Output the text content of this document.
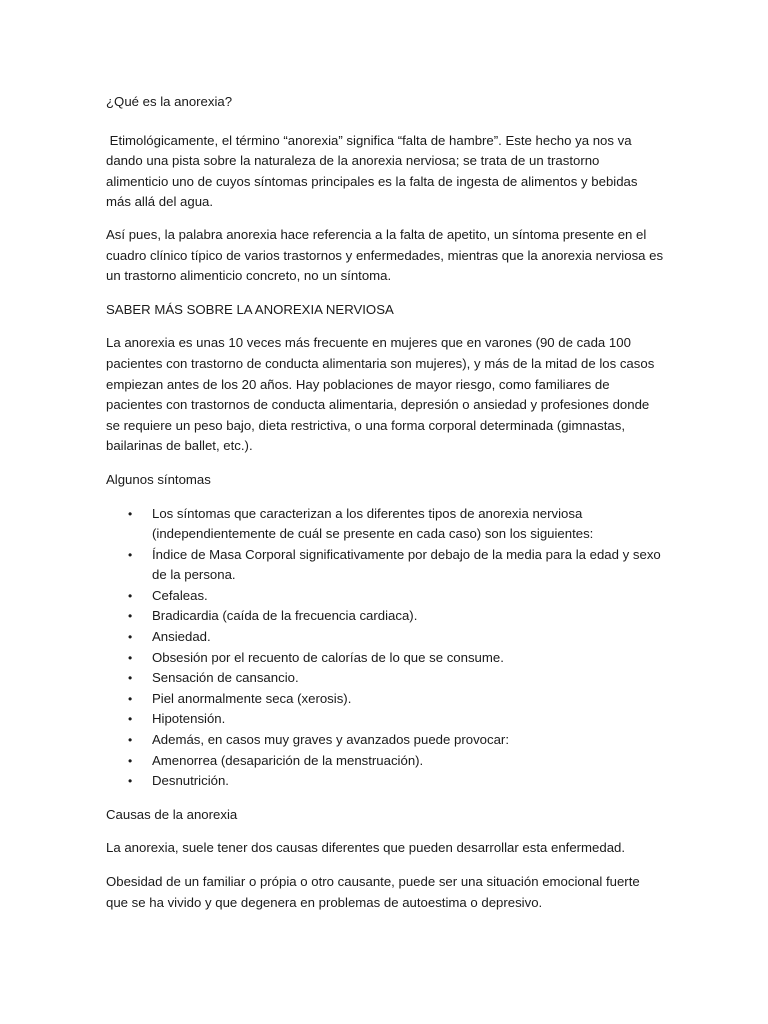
¿Qué es la anorexia?

Etimológicamente, el término “anorexia” significa “falta de hambre”. Este hecho ya nos va dando una pista sobre la naturaleza de la anorexia nerviosa; se trata de un trastorno alimenticio uno de cuyos síntomas principales es la falta de ingesta de alimentos y bebidas más allá del agua.

Así pues, la palabra anorexia hace referencia a la falta de apetito, un síntoma presente en el cuadro clínico típico de varios trastornos y enfermedades, mientras que la anorexia nerviosa es un trastorno alimenticio concreto, no un síntoma.

SABER MÁS SOBRE LA ANOREXIA NERVIOSA

La anorexia es unas 10 veces más frecuente en mujeres que en varones (90 de cada 100 pacientes con trastorno de conducta alimentaria son mujeres), y más de la mitad de los casos empiezan antes de los 20 años. Hay poblaciones de mayor riesgo, como familiares de pacientes con trastornos de conducta alimentaria, depresión o ansiedad y profesiones donde se requiere un peso bajo, dieta restrictiva, o una forma corporal determinada (gimnastas, bailarinas de ballet, etc.).

Algunos síntomas

• Los síntomas que caracterizan a los diferentes tipos de anorexia nerviosa (independientemente de cuál se presente en cada caso) son los siguientes:
• Índice de Masa Corporal significativamente por debajo de la media para la edad y sexo de la persona.
• Cefaleas.
• Bradicardia (caída de la frecuencia cardiaca).
• Ansiedad.
• Obsesión por el recuento de calorías de lo que se consume.
• Sensación de cansancio.
• Piel anormalmente seca (xerosis).
• Hipotensión.
• Además, en casos muy graves y avanzados puede provocar:
• Amenorrea (desaparición de la menstruación).
• Desnutrición.

Causas de la anorexia

La anorexia, suele tener dos causas diferentes que pueden desarrollar esta enfermedad.

Obesidad de un familiar o própia o otro causante, puede ser una situación emocional fuerte que se ha vivido y que degenera en problemas de autoestima o depresivo.
